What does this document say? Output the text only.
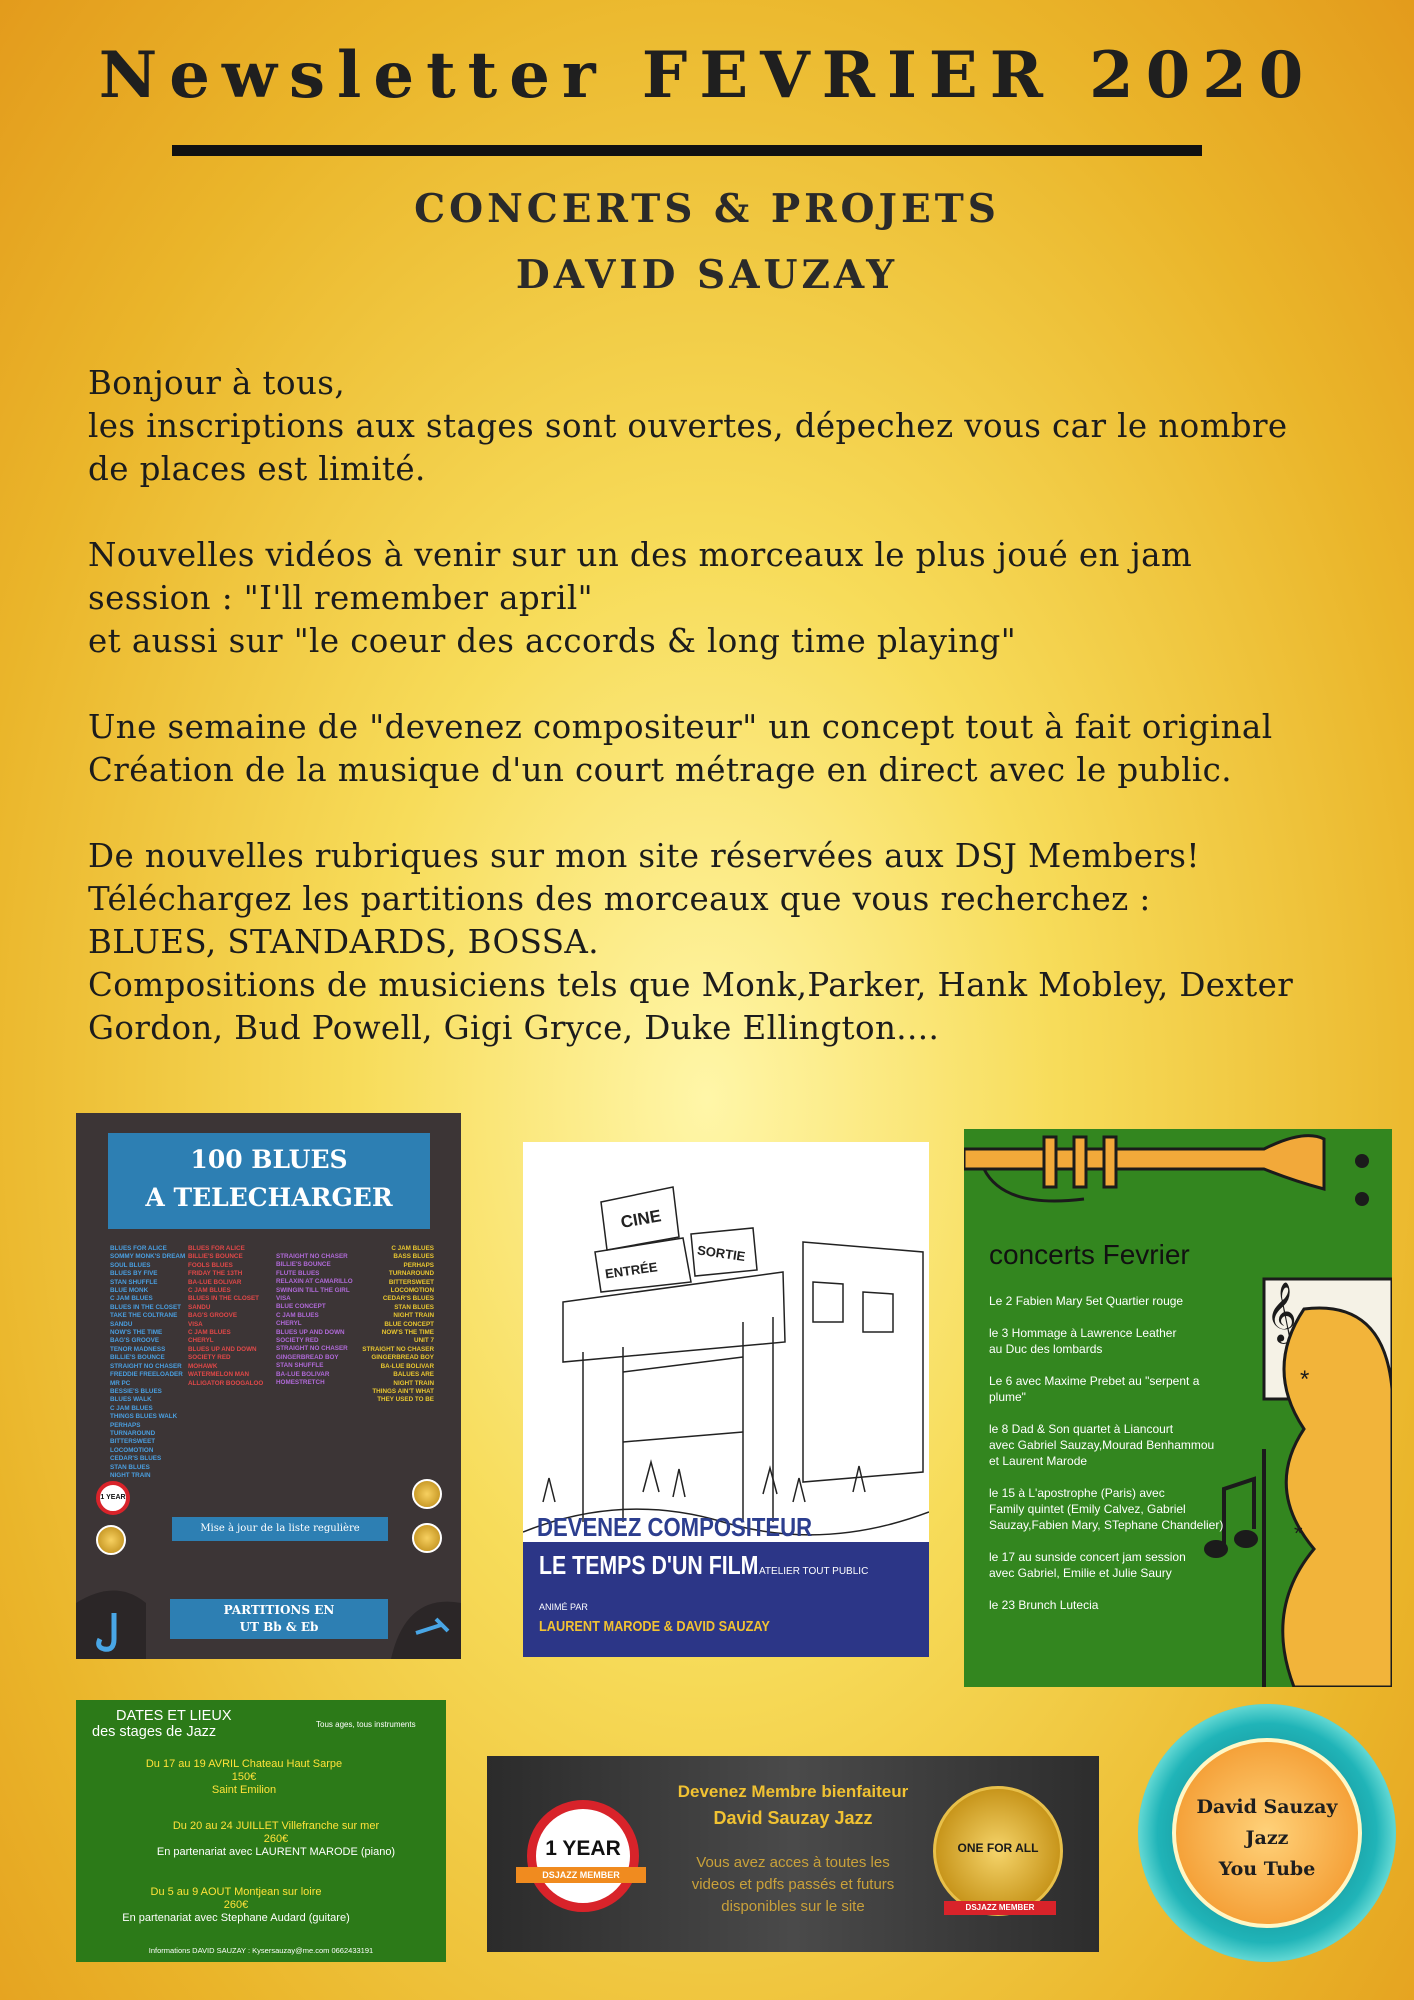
Newsletter FEVRIER 2020
CONCERTS & PROJETS
DAVID SAUZAY

Bonjour à tous,
les inscriptions aux stages sont ouvertes, dépechez vous car le nombre
de places est limité.

Nouvelles vidéos à venir sur un des morceaux le plus joué en jam
session : "I'll remember april"
et aussi sur "le coeur des accords & long time playing"

Une semaine de "devenez compositeur" un concept tout à fait original
Création de la musique d'un court métrage en direct avec le public.

De nouvelles rubriques sur mon site réservées aux DSJ Members!
Téléchargez les partitions des morceaux que vous recherchez :
BLUES, STANDARDS, BOSSA.
Compositions de musiciens tels que Monk,Parker, Hank Mobley, Dexter
Gordon, Bud Powell, Gigi Gryce, Duke Ellington....

100 BLUES
A TELECHARGER
BLUES FOR ALICE
SOMMY MONK'S DREAM
SOUL BLUES
BLUES BY FIVE
STAN SHUFFLE
BLUE MONK
C JAM BLUES
BLUES IN THE CLOSET
TAKE THE COLTRANE
SANDU
NOW'S THE TIME
BAG'S GROOVE
TENOR MADNESS
BILLIE'S BOUNCE
STRAIGHT NO CHASER
FREDDIE FREELOADER
MR PC
BESSIE'S BLUES
BLUES WALK
C JAM BLUES
THINGS BLUES WALK
PERHAPS
TURNAROUND
BITTERSWEET
LOCOMOTION
CEDAR'S BLUES
STAN BLUES
NIGHT TRAIN
BLUES FOR ALICE
BILLIE'S BOUNCE
FOOLS BLUES
FRIDAY THE 13TH
BA-LUE BOLIVAR
C JAM BLUES
BLUES IN THE CLOSET
SANDU
BAG'S GROOVE
VISA
C JAM BLUES
CHERYL
BLUES UP AND DOWN
SOCIETY RED
MOHAWK
WATERMELON MAN
ALLIGATOR BOOGALOO
STRAIGHT NO CHASER
BILLIE'S BOUNCE
FLUTE BLUES
RELAXIN AT CAMARILLO
SWINGIN TILL THE GIRL
VISA
BLUE CONCEPT
C JAM BLUES
CHERYL
BLUES UP AND DOWN
SOCIETY RED
STRAIGHT NO CHASER
GINGERBREAD BOY
STAN SHUFFLE
BA-LUE BOLIVAR
HOMESTRETCH
C JAM BLUES
BASS BLUES
PERHAPS
TURNAROUND
BITTERSWEET
LOCOMOTION
CEDAR'S BLUES
STAN BLUES
NIGHT TRAIN
BLUE CONCEPT
NOW'S THE TIME
UNIT 7
STRAIGHT NO CHASER
GINGERBREAD BOY
BA-LUE BOLIVAR BALUES ARE
NIGHT TRAIN
THINGS AIN'T WHAT THEY USED TO BE
1 YEAR
Mise à jour de la liste regulière
PARTITIONS EN
UT Bb & Eb
CINE
ENTRÉE
SORTIE
DEVENEZ COMPOSITEUR
LE TEMPS D'UN FILM ATELIER TOUT PUBLIC
ANIMÉ PAR
LAURENT MARODE & DAVID SAUZAY
𝄞
*
*
concerts Fevrier
Le 2 Fabien Mary 5et Quartier rouge
le 3 Hommage à Lawrence Leather
au Duc des lombards
Le 6 avec Maxime Prebet au "serpent a
plume"
le 8 Dad & Son quartet à Liancourt
avec Gabriel Sauzay,Mourad Benhammou
et Laurent Marode
le 15 à L'apostrophe (Paris) avec
Family quintet (Emily Calvez, Gabriel
Sauzay,Fabien Mary, STephane Chandelier)
le 17 au sunside concert jam session
avec Gabriel, Emilie et Julie Saury
le 23 Brunch Lutecia
DATES ET LIEUX
des stages de Jazz	Tous ages, tous instruments
Du 17 au 19 AVRIL Chateau Haut Sarpe
150€
Saint Emilion
Du 20 au 24 JUILLET Villefranche sur mer
260€
En partenariat avec LAURENT MARODE (piano)
Du 5 au 9 AOUT Montjean sur loire
260€
En partenariat avec Stephane Audard (guitare)
Informations DAVID SAUZAY : Kysersauzay@me.com 0662433191
Devenez Membre bienfaiteur
David Sauzay Jazz
Vous avez acces à toutes les
videos et pdfs passés et futurs
disponibles sur le site
1 YEAR
DSJAZZ MEMBER
ONE FOR ALL
DSJAZZ MEMBER
David Sauzay
Jazz
You Tube
